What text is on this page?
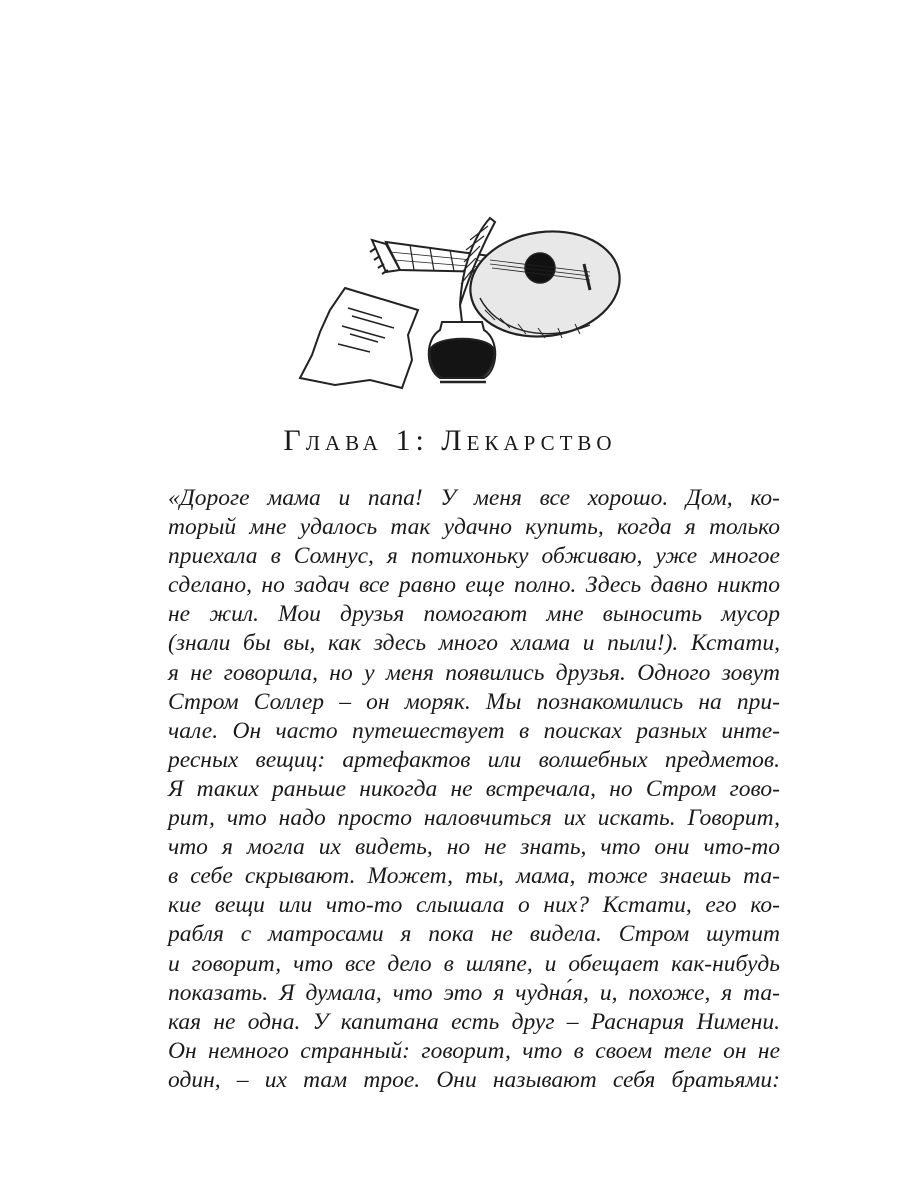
Глава 1: Лекарство
«Дороге мама и папа! У меня все хорошо. Дом, ко-
торый мне удалось так удачно купить, когда я только
приехала в Сомнус, я потихоньку обживаю, уже многое
сделано, но задач все равно еще полно. Здесь давно никто
не жил. Мои друзья помогают мне выносить мусор
(знали бы вы, как здесь много хлама и пыли!). Кстати,
я не говорила, но у меня появились друзья. Одного зовут
Стром Соллер – он моряк. Мы познакомились на при-
чале. Он часто путешествует в поисках разных инте-
ресных вещиц: артефактов или волшебных предметов.
Я таких раньше никогда не встречала, но Стром гово-
рит, что надо просто наловчиться их искать. Говорит,
что я могла их видеть, но не знать, что они что-то
в себе скрывают. Может, ты, мама, тоже знаешь та-
кие вещи или что-то слышала о них? Кстати, его ко-
рабля с матросами я пока не видела. Стром шутит
и говорит, что все дело в шляпе, и обещает как-нибудь
показать. Я думала, что это я чудна́я, и, похоже, я та-
кая не одна. У капитана есть друг – Раснария Нимени.
Он немного странный: говорит, что в своем теле он не
один, – их там трое. Они называют себя братьями:
